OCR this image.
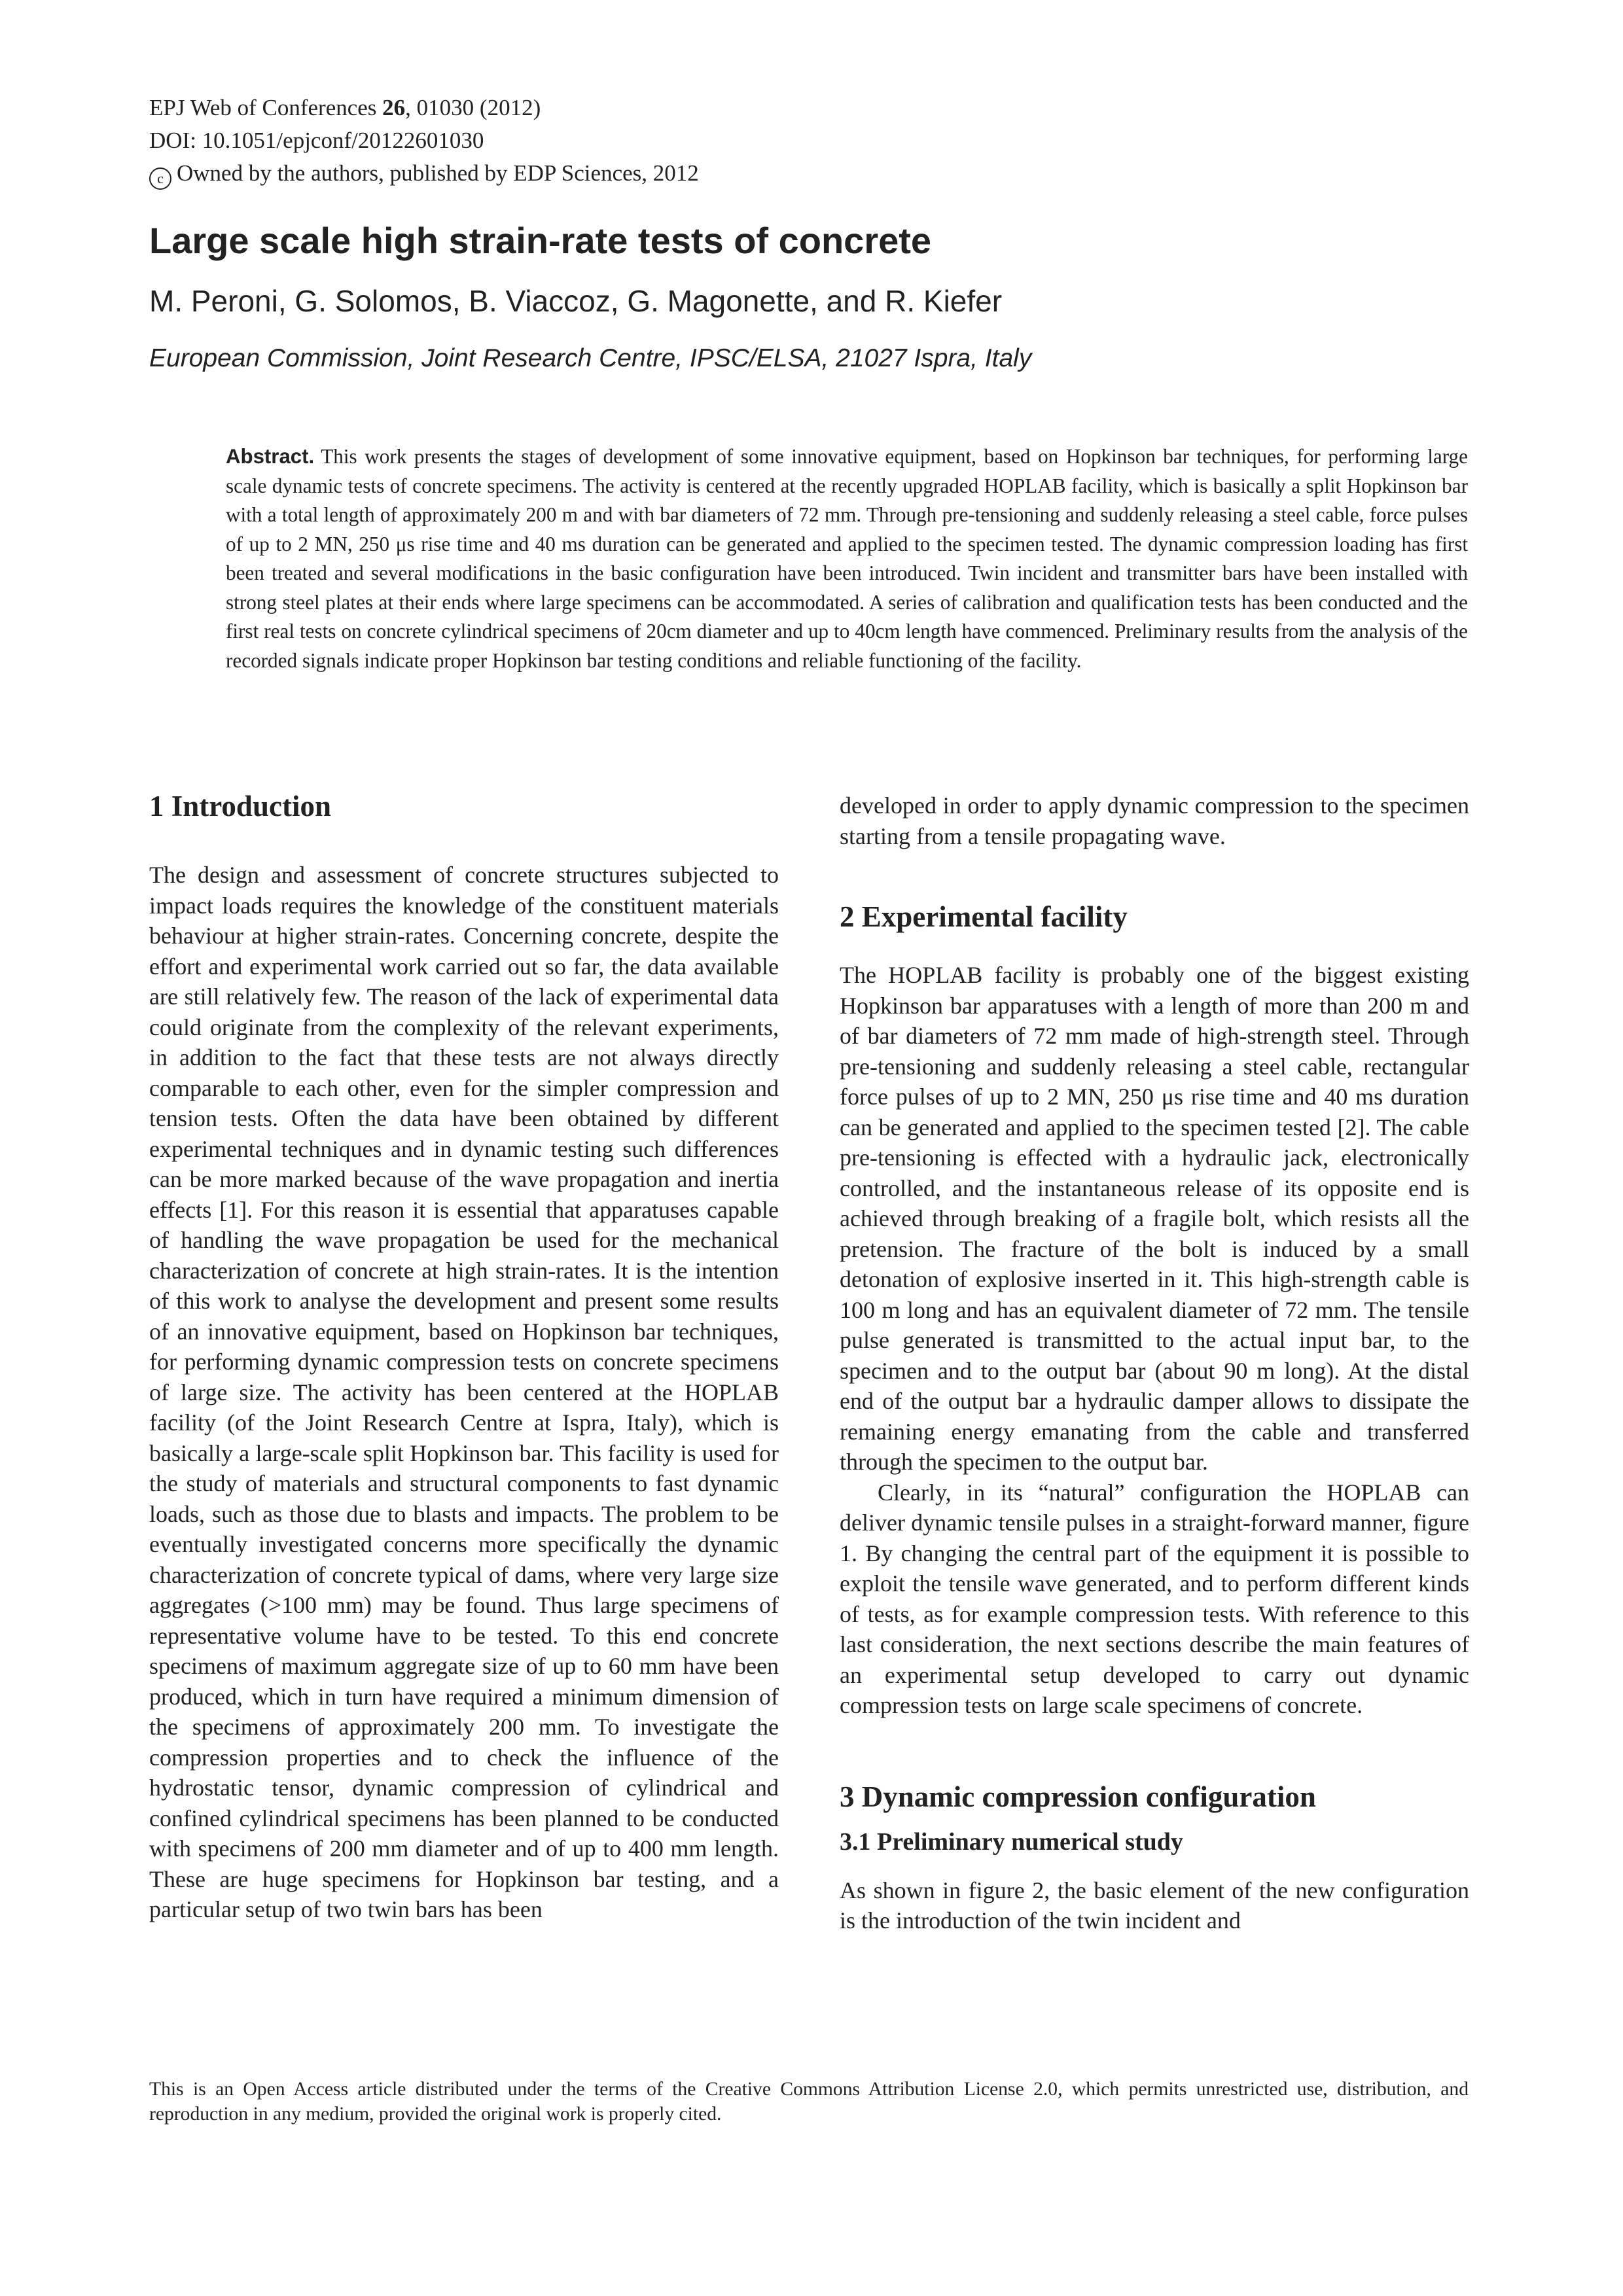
EPJ Web of Conferences 26, 01030 (2012)
DOI: 10.1051/epjconf/20122601030
c Owned by the authors, published by EDP Sciences, 2012
Large scale high strain-rate tests of concrete
M. Peroni, G. Solomos, B. Viaccoz, G. Magonette, and R. Kiefer
European Commission, Joint Research Centre, IPSC/ELSA, 21027 Ispra, Italy
Abstract. This work presents the stages of development of some innovative equipment, based on Hopkinson bar techniques, for performing large scale dynamic tests of concrete specimens. The activity is centered at the recently upgraded HOPLAB facility, which is basically a split Hopkinson bar with a total length of approximately 200 m and with bar diameters of 72 mm. Through pre-tensioning and suddenly releasing a steel cable, force pulses of up to 2 MN, 250 μs rise time and 40 ms duration can be generated and applied to the specimen tested. The dynamic compression loading has first been treated and several modifications in the basic configuration have been introduced. Twin incident and transmitter bars have been installed with strong steel plates at their ends where large specimens can be accommodated. A series of calibration and qualification tests has been conducted and the first real tests on concrete cylindrical specimens of 20cm diameter and up to 40cm length have commenced. Preliminary results from the analysis of the recorded signals indicate proper Hopkinson bar testing conditions and reliable functioning of the facility.
1 Introduction

The design and assessment of concrete structures subjected to impact loads requires the knowledge of the constituent materials behaviour at higher strain-rates. Concerning concrete, despite the effort and experimental work carried out so far, the data available are still relatively few. The reason of the lack of experimental data could originate from the complexity of the relevant experiments, in addition to the fact that these tests are not always directly comparable to each other, even for the simpler compression and tension tests. Often the data have been obtained by different experimental techniques and in dynamic testing such differences can be more marked because of the wave propagation and inertia effects [1]. For this reason it is essential that apparatuses capable of handling the wave propagation be used for the mechanical characterization of concrete at high strain-rates. It is the intention of this work to analyse the development and present some results of an innovative equipment, based on Hopkinson bar techniques, for performing dynamic compression tests on concrete specimens of large size. The activity has been centered at the HOPLAB facility (of the Joint Research Centre at Ispra, Italy), which is basically a large-scale split Hopkinson bar. This facility is used for the study of materials and structural components to fast dynamic loads, such as those due to blasts and impacts. The problem to be eventually investigated concerns more specifically the dynamic characterization of concrete typical of dams, where very large size aggregates (>100 mm) may be found. Thus large specimens of representative volume have to be tested. To this end concrete specimens of maximum aggregate size of up to 60 mm have been produced, which in turn have required a minimum dimension of the specimens of approximately 200 mm. To investigate the compression properties and to check the influence of the hydrostatic tensor, dynamic compression of cylindrical and confined cylindrical specimens has been planned to be conducted with specimens of 200 mm diameter and of up to 400 mm length. These are huge specimens for Hopkinson bar testing, and a particular setup of two twin bars has been

developed in order to apply dynamic compression to the specimen starting from a tensile propagating wave.

2 Experimental facility

The HOPLAB facility is probably one of the biggest existing Hopkinson bar apparatuses with a length of more than 200 m and of bar diameters of 72 mm made of high-strength steel. Through pre-tensioning and suddenly releasing a steel cable, rectangular force pulses of up to 2 MN, 250 μs rise time and 40 ms duration can be generated and applied to the specimen tested [2]. The cable pre-tensioning is effected with a hydraulic jack, electronically controlled, and the instantaneous release of its opposite end is achieved through breaking of a fragile bolt, which resists all the pretension. The fracture of the bolt is induced by a small detonation of explosive inserted in it. This high-strength cable is 100 m long and has an equivalent diameter of 72 mm. The tensile pulse generated is transmitted to the actual input bar, to the specimen and to the output bar (about 90 m long). At the distal end of the output bar a hydraulic damper allows to dissipate the remaining energy emanating from the cable and transferred through the specimen to the output bar.

Clearly, in its “natural” configuration the HOPLAB can deliver dynamic tensile pulses in a straight-forward manner, figure 1. By changing the central part of the equipment it is possible to exploit the tensile wave generated, and to perform different kinds of tests, as for example compression tests. With reference to this last consideration, the next sections describe the main features of an experimental setup developed to carry out dynamic compression tests on large scale specimens of concrete.

3 Dynamic compression configuration
3.1 Preliminary numerical study

As shown in figure 2, the basic element of the new configuration is the introduction of the twin incident and

This is an Open Access article distributed under the terms of the Creative Commons Attribution License 2.0, which permits unrestricted use, distribution, and reproduction in any medium, provided the original work is properly cited.
